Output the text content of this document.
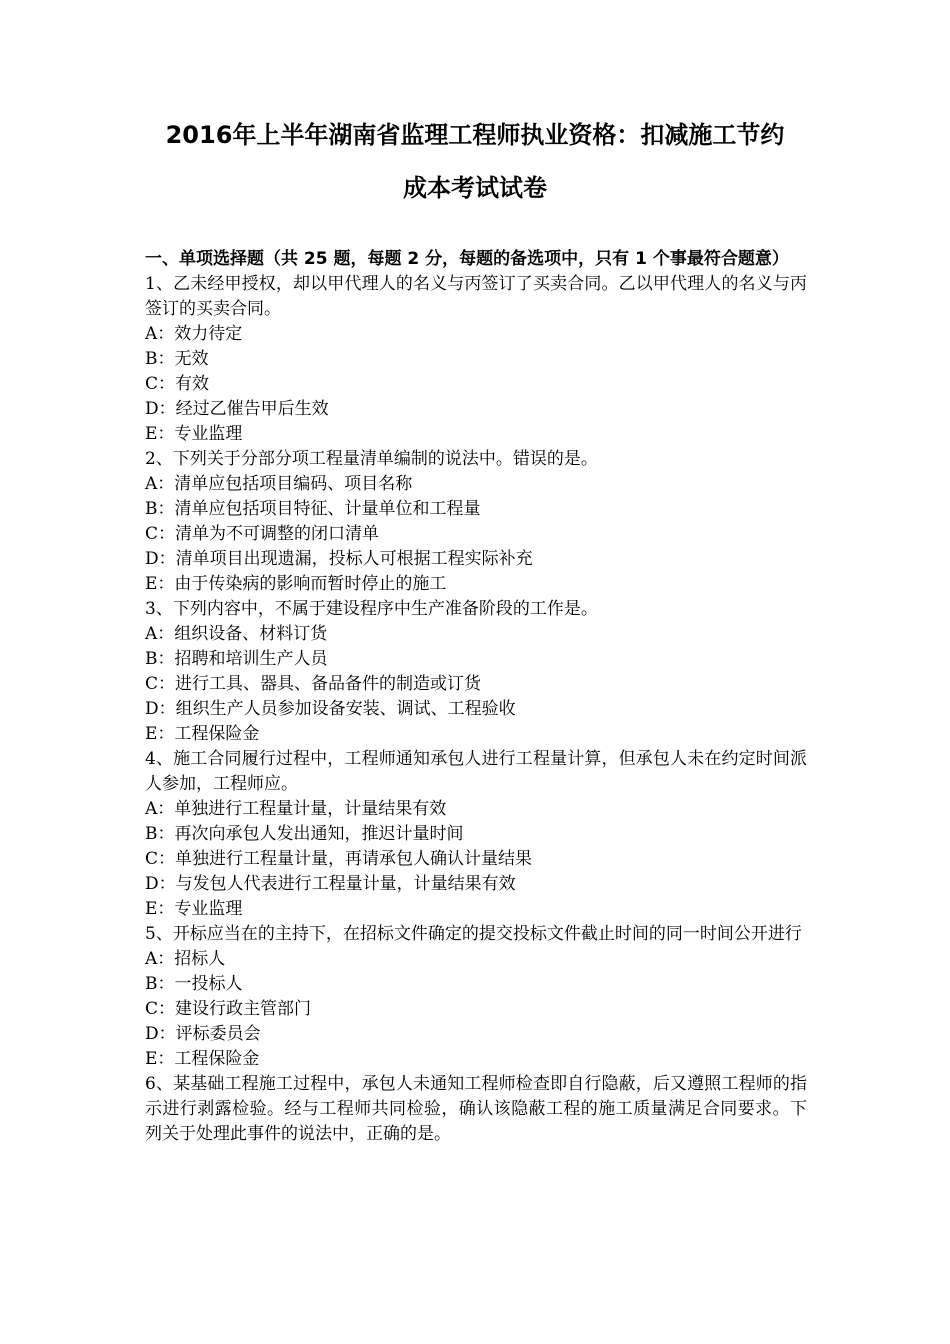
2016年上半年湖南省监理工程师执业资格：扣减施工节约
成本考试试卷
一、单项选择题（共 25 题，每题 2 分，每题的备选项中，只有 1 个事最符合题意）
1、乙未经甲授权，却以甲代理人的名义与丙签订了买卖合同。乙以甲代理人的名义与丙签订的买卖合同。
A：效力待定
B：无效
C：有效
D：经过乙催告甲后生效
E：专业监理
2、下列关于分部分项工程量清单编制的说法中。错误的是。
A：清单应包括项目编码、项目名称
B：清单应包括项目特征、计量单位和工程量
C：清单为不可调整的闭口清单
D：清单项目出现遗漏，投标人可根据工程实际补充
E：由于传染病的影响而暂时停止的施工
3、下列内容中，不属于建设程序中生产准备阶段的工作是。
A：组织设备、材料订货
B：招聘和培训生产人员
C：进行工具、器具、备品备件的制造或订货
D：组织生产人员参加设备安装、调试、工程验收
E：工程保险金
4、施工合同履行过程中，工程师通知承包人进行工程量计算，但承包人未在约定时间派人参加，工程师应。
A：单独进行工程量计量，计量结果有效
B：再次向承包人发出通知，推迟计量时间
C：单独进行工程量计量，再请承包人确认计量结果
D：与发包人代表进行工程量计量，计量结果有效
E：专业监理
5、开标应当在的主持下，在招标文件确定的提交投标文件截止时间的同一时间公开进行
A：招标人
B：一投标人
C：建设行政主管部门
D：评标委员会
E：工程保险金
6、某基础工程施工过程中，承包人未通知工程师检查即自行隐蔽，后又遵照工程师的指示进行剥露检验。经与工程师共同检验，确认该隐蔽工程的施工质量满足合同要求。下列关于处理此事件的说法中，正确的是。
